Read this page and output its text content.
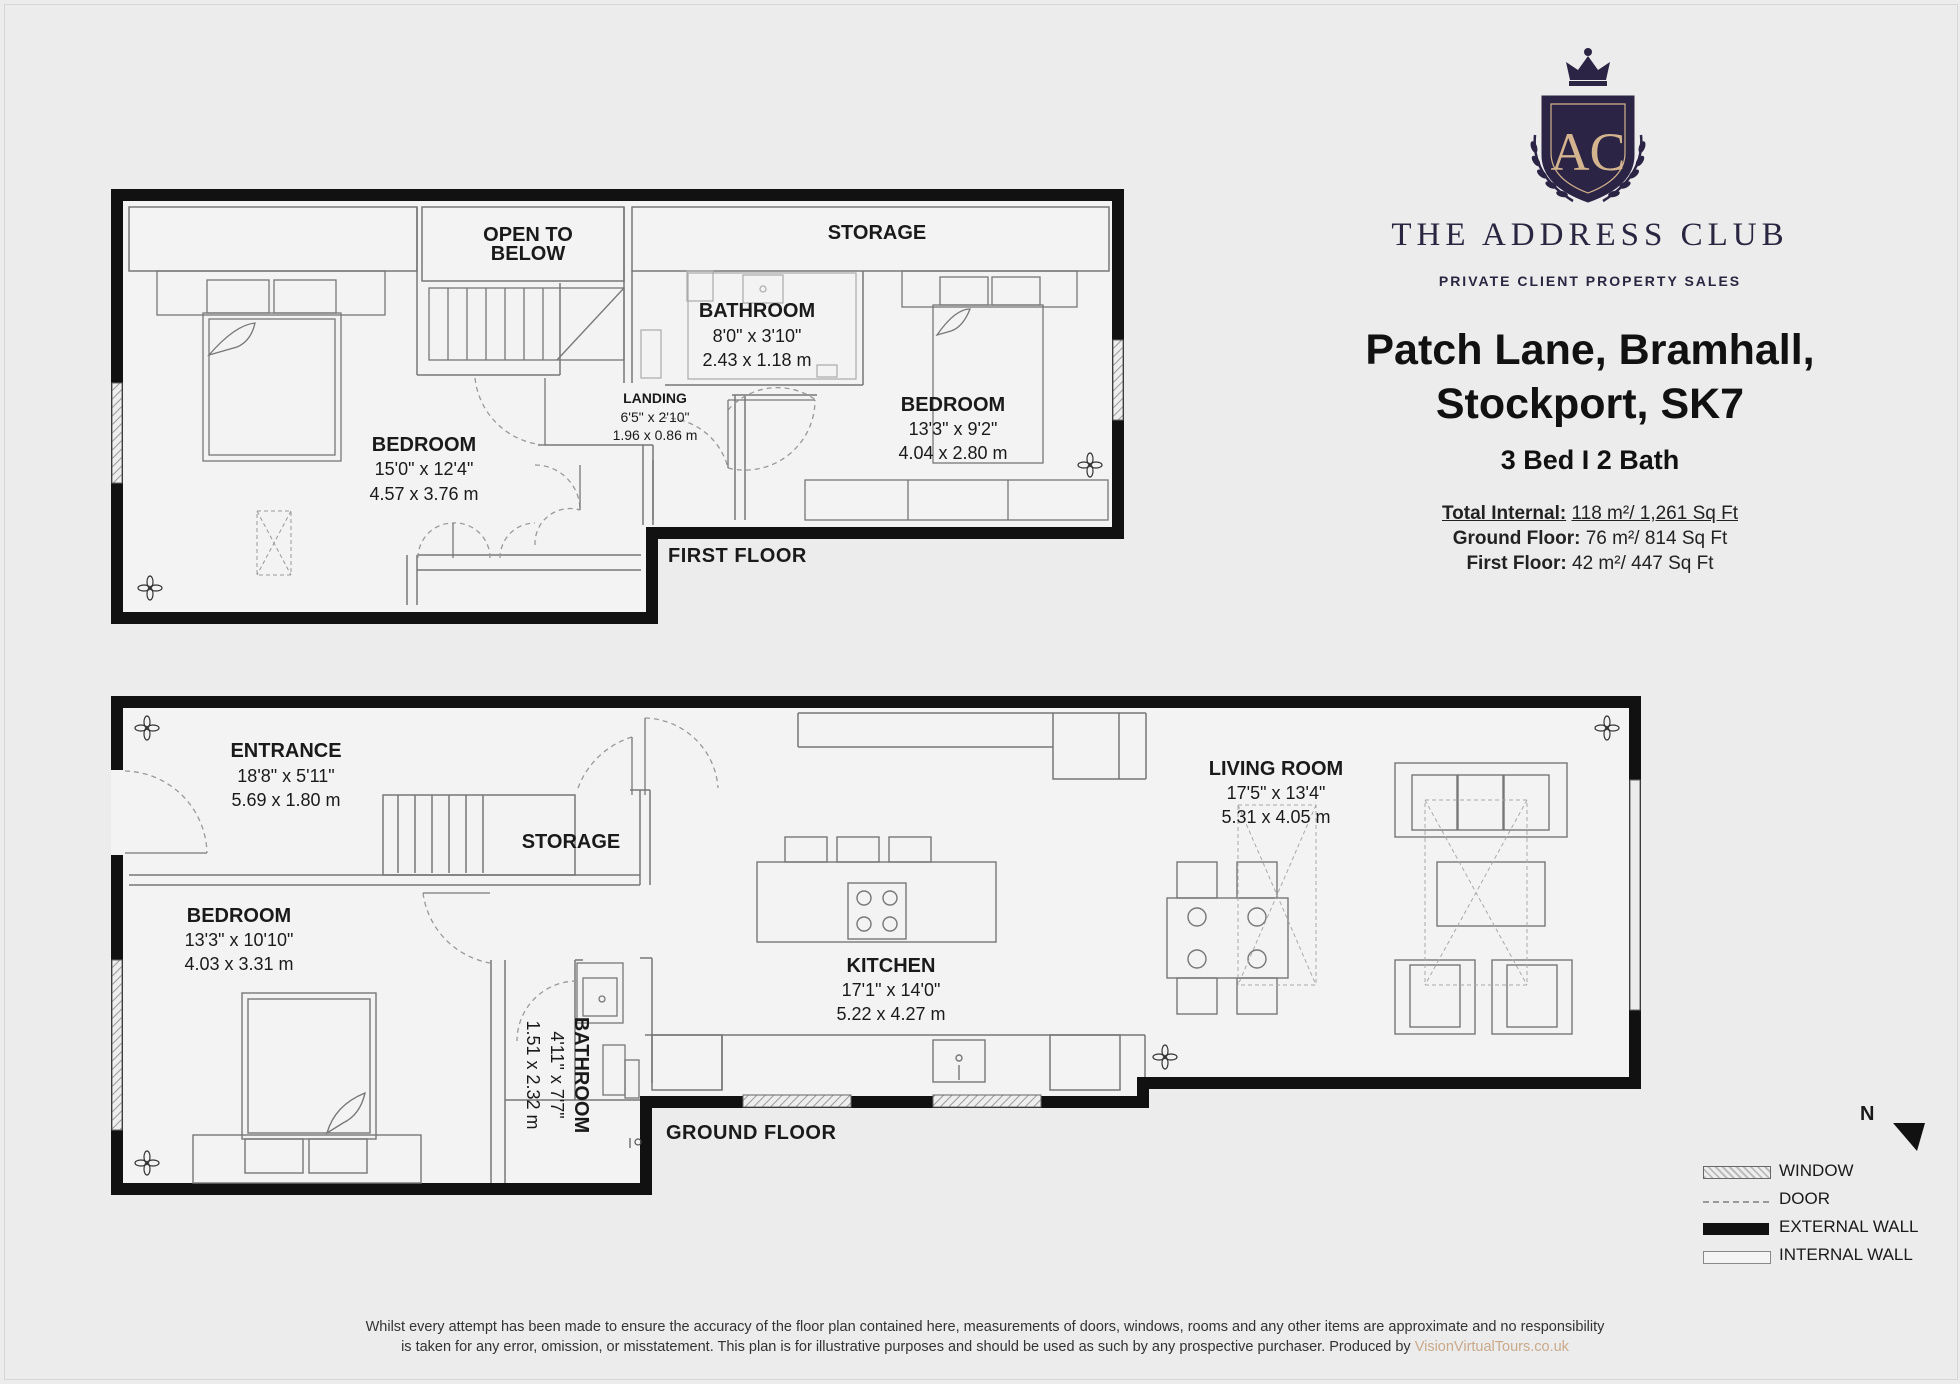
OPEN TO
BELOW
STORAGE
BATHROOM
8'0" x 3'10"
2.43 x 1.18 m
LANDING
6'5" x 2'10"
1.96 x 0.86 m
BEDROOM
15'0" x 12'4"
4.57 x 3.76 m
BEDROOM
13'3" x 9'2"
4.04 x 2.80 m
FIRST FLOOR
ENTRANCE
18'8" x 5'11"
5.69 x 1.80 m
STORAGE
BEDROOM
13'3" x 10'10"
4.03 x 3.31 m	KITCHEN
17'1" x 14'0"
5.22 x 4.27 m
LIVING ROOM
17'5" x 13'4"
5.31 x 4.05 m
BATHROOM
4'11" x 7'7"
1.51 x 2.32 m
GROUND FLOOR
AC
THE ADDRESS CLUB
PRIVATE CLIENT PROPERTY SALES
Patch Lane, Bramhall,
Stockport, SK7
3 Bed I 2 Bath
Total Internal: 118 m²/ 1,261 Sq Ft
Ground Floor: 76 m²/ 814 Sq Ft
First Floor: 42 m²/ 447 Sq Ft
N
WINDOW
DOOR
EXTERNAL WALL
INTERNAL WALL
Whilst every attempt has been made to ensure the accuracy of the floor plan contained here, measurements of doors, windows, rooms and any other items are approximate and no responsibility
is taken for any error, omission, or misstatement. This plan is for illustrative purposes and should be used as such by any prospective purchaser. Produced by VisionVirtualTours.co.uk
